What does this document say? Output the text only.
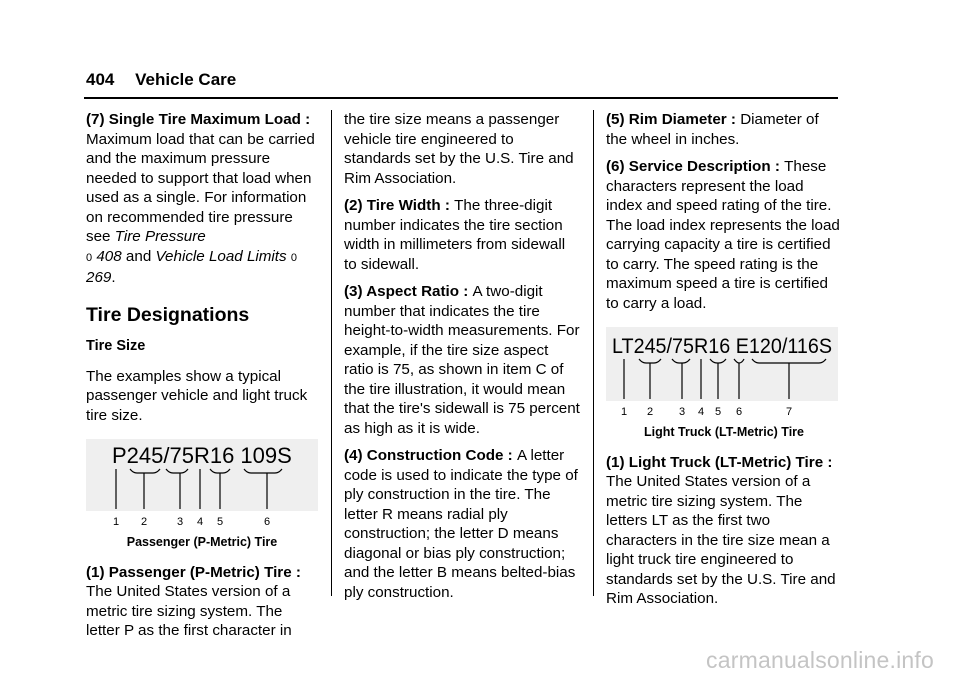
404 Vehicle Care

(7) Single Tire Maximum Load : Maximum load that can be carried and the maximum pressure needed to support that load when used as a single. For information on recommended tire pressure see Tire Pressure
0 408 and Vehicle Load Limits 0 269.

Tire Designations
Tire Size

The examples show a typical passenger vehicle and light truck tire size.

P245/75R16 109S
1 2	3 4 5	6
Passenger (P-Metric) Tire

(1) Passenger (P-Metric) Tire : The United States version of a metric tire sizing system. The letter P as the first character in

the tire size means a passenger vehicle tire engineered to standards set by the U.S. Tire and Rim Association.

(2) Tire Width : The three-digit number indicates the tire section width in millimeters from sidewall to sidewall.

(3) Aspect Ratio : A two-digit number that indicates the tire height-to-width measurements. For example, if the tire size aspect ratio is 75, as shown in item C of the tire illustration, it would mean that the tire's sidewall is 75 percent as high as it is wide.

(4) Construction Code : A letter code is used to indicate the type of ply construction in the tire. The letter R means radial ply construction; the letter D means diagonal or bias ply construction; and the letter B means belted-bias ply construction.

(5) Rim Diameter : Diameter of the wheel in inches.

(6) Service Description : These characters represent the load index and speed rating of the tire. The load index represents the load carrying capacity a tire is certified to carry. The speed rating is the maximum speed a tire is certified to carry a load.

LT245/75R16 E120/116S
1 2 3 4 5 6	7
Light Truck (LT-Metric) Tire

(1) Light Truck (LT-Metric) Tire : The United States version of a metric tire sizing system. The letters LT as the first two characters in the tire size mean a light truck tire engineered to standards set by the U.S. Tire and Rim Association.

carmanualsonline.info
